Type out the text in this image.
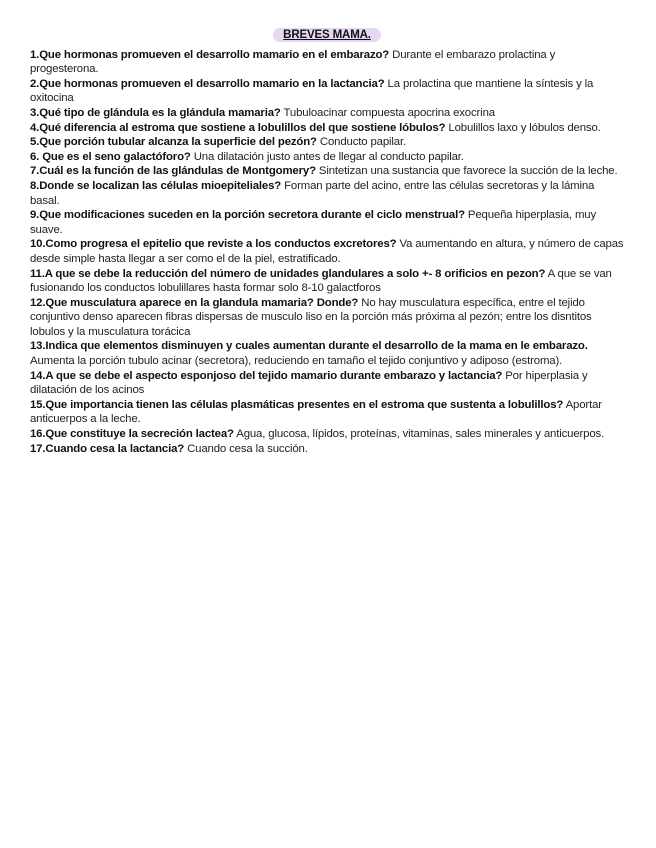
BREVES MAMA.

1.Que hormonas promueven el desarrollo mamario en el embarazo? Durante el embarazo prolactina y progesterona.

2.Que hormonas promueven el desarrollo mamario en la lactancia? La prolactina que mantiene la síntesis y la oxitocina

3.Qué tipo de glándula es la glándula mamaria? Tubuloacinar compuesta apocrina exocrina

4.Qué diferencia al estroma que sostiene a lobulillos del que sostiene lóbulos? Lobulillos laxo y lóbulos denso.

5.Que porción tubular alcanza la superficie del pezón? Conducto papilar.

6. Que es el seno galactóforo? Una dilatación justo antes de llegar al conducto papilar.

7.Cuál es la función de las glándulas de Montgomery? Sintetizan una sustancia que favorece la succión de la leche.

8.Donde se localizan las células mioepiteliales? Forman parte del acino, entre las células secretoras y la lámina basal.

9.Que modificaciones suceden en la porción secretora durante el ciclo menstrual? Pequeña hiperplasia, muy suave.

10.Como progresa el epitelio que reviste a los conductos excretores? Va aumentando en altura, y número de capas desde simple hasta llegar a ser como el de la piel, estratificado.

11.A que se debe la reducción del número de unidades glandulares a solo +- 8 orificios en pezon? A que se van fusionando los conductos lobulillares hasta formar solo 8-10 galactforos

12.Que musculatura aparece en la glandula mamaria? Donde? No hay musculatura específica, entre el tejido conjuntivo denso aparecen fibras dispersas de musculo liso en la porción más próxima al pezón; entre los disntitos lobulos y la musculatura torácica

13.Indica que elementos disminuyen y cuales aumentan durante el desarrollo de la mama en le embarazo. Aumenta la porción tubulo acinar (secretora), reduciendo en tamaño el tejido conjuntivo y adiposo (estroma).

14.A que se debe el aspecto esponjoso del tejido mamario durante embarazo y lactancia? Por hiperplasia y dilatación de los acinos

15.Que importancia tienen las células plasmáticas presentes en el estroma que sustenta a lobulillos? Aportar anticuerpos a la leche.

16.Que constituye la secreción lactea? Agua, glucosa, lípidos, proteínas, vitaminas, sales minerales y anticuerpos.

17.Cuando cesa la lactancia? Cuando cesa la succión.
